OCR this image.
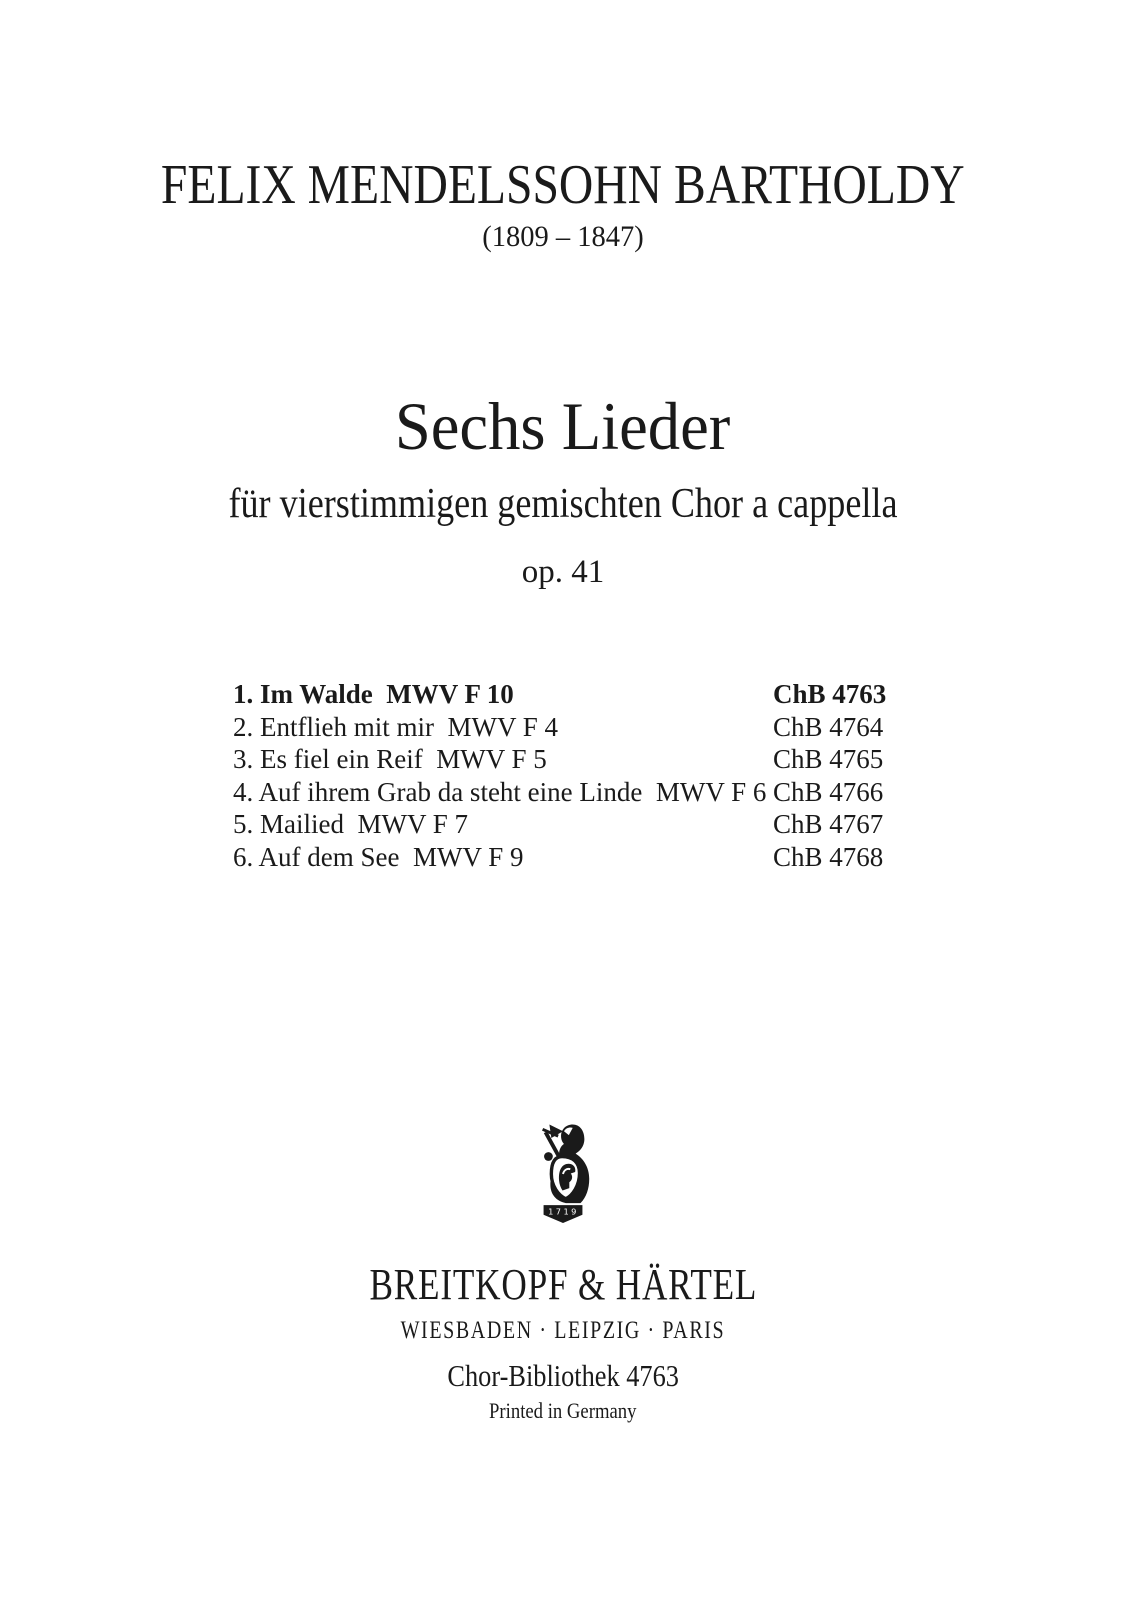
FELIX MENDELSSOHN BARTHOLDY
(1809 – 1847)
Sechs Lieder
für vierstimmigen gemischten Chor a cappella
op. 41
1. Im Walde  MWV F 10	ChB 4763
2. Entflieh mit mir  MWV F 4	ChB 4764
3. Es fiel ein Reif  MWV F 5	ChB 4765
4. Auf ihrem Grab da steht eine Linde  MWV F 6 ChB 4766
5. Mailied  MWV F 7	ChB 4767
6. Auf dem See  MWV F 9	ChB 4768
1719
BREITKOPF & HÄRTEL
WIESBADEN · LEIPZIG · PARIS
Chor-Bibliothek 4763
Printed in Germany
